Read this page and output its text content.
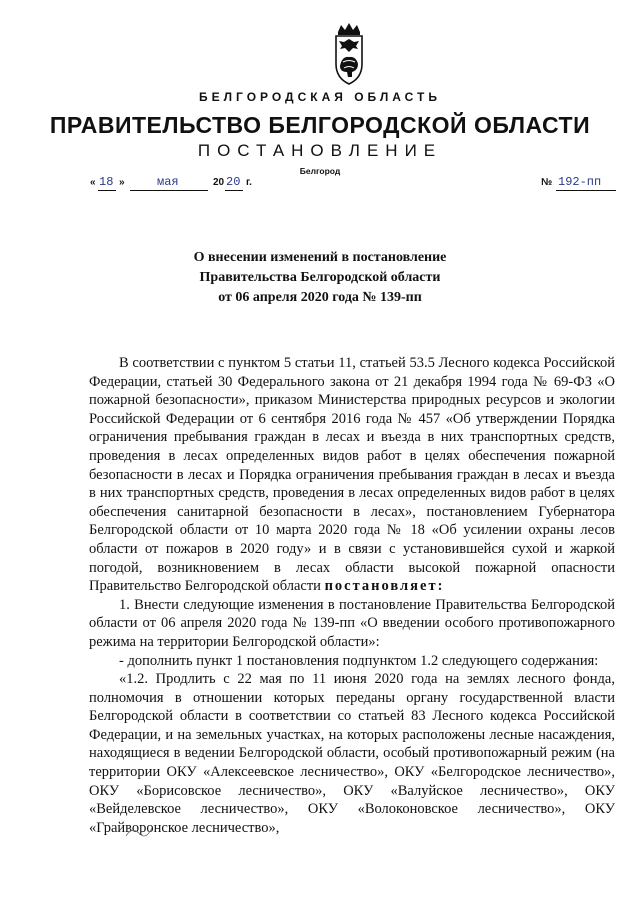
БЕЛГОРОДСКАЯ ОБЛАСТЬ
ПРАВИТЕЛЬСТВО БЕЛГОРОДСКОЙ ОБЛАСТИ
ПОСТАНОВЛЕНИЕ
Белгород
« 18 »	мая	20 20 г.	№ 192-пп
О внесении изменений в постановление
Правительства Белгородской области
от 06 апреля 2020 года № 139-пп

В соответствии с пунктом 5 статьи 11, статьей 53.5 Лесного кодекса Российской Федерации, статьей 30 Федерального закона от 21 декабря 1994 года № 69-ФЗ «О пожарной безопасности», приказом Министерства природных ресурсов и экологии Российской Федерации от 6 сентября 2016 года № 457 «Об утверждении Порядка ограничения пребывания граждан в лесах и въезда в них транспортных средств, проведения в лесах определенных видов работ в целях обеспечения пожарной безопасности в лесах и Порядка ограничения пребывания граждан в лесах и въезда в них транспортных средств, проведения в лесах определенных видов работ в целях обеспечения санитарной безопасности в лесах», постановлением Губернатора Белгородской области от 10 марта 2020 года № 18 «Об усилении охраны лесов области от пожаров в 2020 году» и в связи с установившейся сухой и жаркой погодой, возникновением в лесах области высокой пожарной опасности Правительство Белгородской области постановляет:

1. Внести следующие изменения в постановление Правительства Белгородской области от 06 апреля 2020 года № 139-пп «О введении особого противопожарного режима на территории Белгородской области»:

- дополнить пункт 1 постановления подпунктом 1.2 следующего содержания:

«1.2. Продлить с 22 мая по 11 июня 2020 года на землях лесного фонда, полномочия в отношении которых переданы органу государственной власти Белгородской области в соответствии со статьей 83 Лесного кодекса Российской Федерации, и на земельных участках, на которых расположены лесные насаждения, находящиеся в ведении Белгородской области, особый противопожарный режим (на территории ОКУ «Алексеевское лесничество», ОКУ «Белгородское лесничество», ОКУ «Борисовское лесничество», ОКУ «Валуйское лесничество», ОКУ «Вейделевское лесничество», ОКУ «Волоконовское лесничество», ОКУ «Грайворонское лесничество»,
